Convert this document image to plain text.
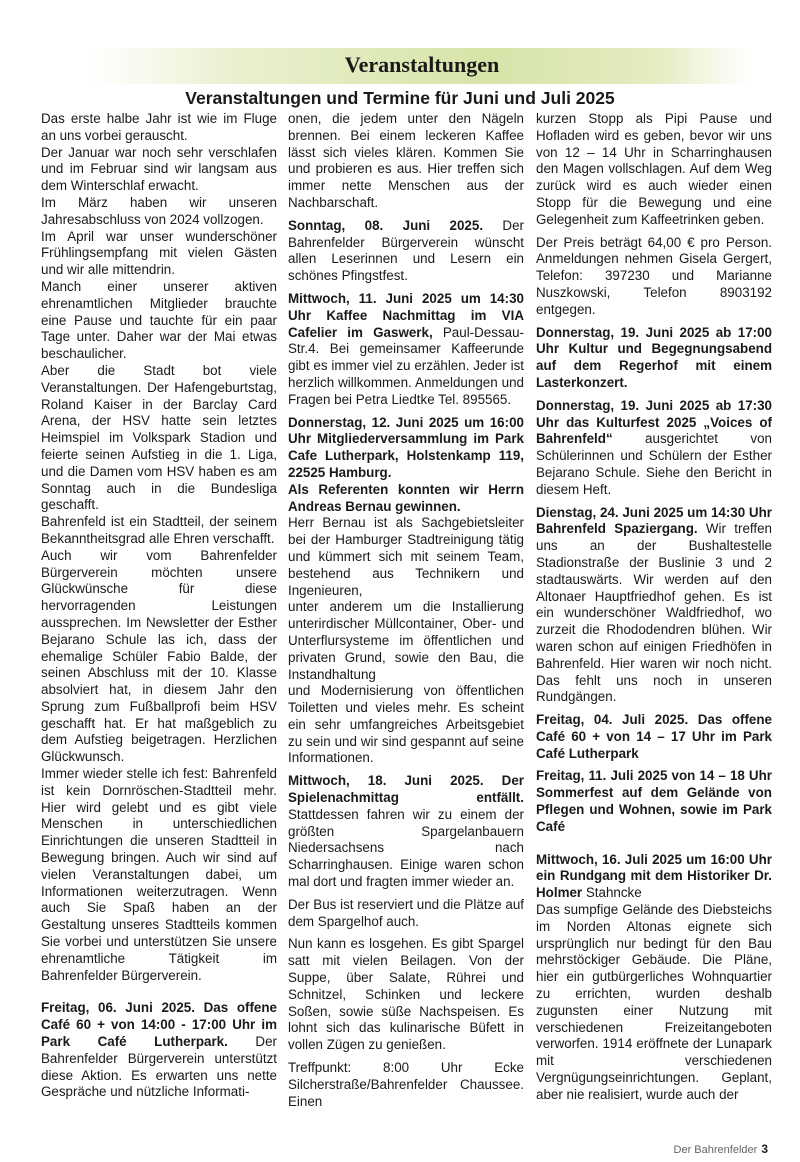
Veranstaltungen
Veranstaltungen und Termine für Juni und Juli 2025

Das erste halbe Jahr ist wie im Fluge an uns vorbei gerauscht.

Der Januar war noch sehr verschlafen und im Februar sind wir langsam aus dem Winterschlaf erwacht.

Im März haben wir unseren Jahresabschluss von 2024 vollzogen.

Im April war unser wunderschöner Frühlingsempfang mit vielen Gästen und wir alle mittendrin.

Manch einer unserer aktiven ehrenamtlichen Mitglieder brauchte eine Pause und tauchte für ein paar Tage unter. Daher war der Mai etwas beschaulicher.

Aber die Stadt bot viele Veranstaltungen. Der Hafengeburtstag, Roland Kaiser in der Barclay Card Arena, der HSV hatte sein letztes Heimspiel im Volkspark Stadion und feierte seinen Aufstieg in die 1. Liga, und die Damen vom HSV haben es am Sonntag auch in die Bundesliga geschafft.

Bahrenfeld ist ein Stadtteil, der seinem Bekanntheitsgrad alle Ehren verschafft.

Auch wir vom Bahrenfelder Bürgerverein möchten unsere Glückwünsche für diese hervorragenden Leistungen aussprechen. Im Newsletter der Esther Bejarano Schule las ich, dass der ehemalige Schüler Fabio Balde, der seinen Abschluss mit der 10. Klasse absolviert hat, in diesem Jahr den Sprung zum Fußballprofi beim HSV geschafft hat. Er hat maßgeblich zu dem Aufstieg beigetragen. Herzlichen Glückwunsch.

Immer wieder stelle ich fest: Bahrenfeld ist kein Dornröschen-Stadtteil mehr. Hier wird gelebt und es gibt viele Menschen in unterschiedlichen Einrichtungen die unseren Stadtteil in Bewegung bringen. Auch wir sind auf vielen Veranstaltungen dabei, um Informationen weiterzutragen. Wenn auch Sie Spaß haben an der Gestaltung unseres Stadtteils kommen Sie vorbei und unterstützen Sie unsere ehrenamtliche Tätigkeit im Bahrenfelder Bürgerverein.

Freitag, 06. Juni 2025. Das offene Café 60 + von 14:00 - 17:00 Uhr im Park Café Lutherpark. Der Bahrenfelder Bürgerverein unterstützt diese Aktion. Es erwarten uns nette Gespräche und nützliche Informati-

onen, die jedem unter den Nägeln brennen. Bei einem leckeren Kaffee lässt sich vieles klären. Kommen Sie und probieren es aus. Hier treffen sich immer nette Menschen aus der Nachbarschaft.

Sonntag, 08. Juni 2025. Der Bahrenfelder Bürgerverein wünscht allen Leserinnen und Lesern ein schönes Pfingstfest.

Mittwoch, 11. Juni 2025 um 14:30 Uhr Kaffee Nachmittag im VIA Cafelier im Gaswerk, Paul-Dessau-Str.4. Bei gemeinsamer Kaffeerunde gibt es immer viel zu erzählen. Jeder ist herzlich willkommen. Anmeldungen und Fragen bei Petra Liedtke Tel. 895565.

Donnerstag, 12. Juni 2025 um 16:00 Uhr Mitgliederversammlung im Park Cafe Lutherpark, Holstenkamp 119, 22525 Hamburg.

Als Referenten konnten wir Herrn Andreas Bernau gewinnen.

Herr Bernau ist als Sachgebietsleiter bei der Hamburger Stadtreinigung tätig und kümmert sich mit seinem Team, bestehend aus Technikern und Ingenieuren,

unter anderem um die Installierung unterirdischer Müllcontainer, Ober- und Unterflursysteme im öffentlichen und privaten Grund, sowie den Bau, die Instandhaltung

und Modernisierung von öffentlichen Toiletten und vieles mehr. Es scheint ein sehr umfangreiches Arbeitsgebiet zu sein und wir sind gespannt auf seine Informationen.

Mittwoch, 18. Juni 2025. Der Spielenachmittag entfällt. Stattdessen fahren wir zu einem der größten Spargelanbauern Niedersachsens nach Scharringhausen. Einige waren schon mal dort und fragten immer wieder an.

Der Bus ist reserviert und die Plätze auf dem Spargelhof auch.

Nun kann es losgehen. Es gibt Spargel satt mit vielen Beilagen. Von der Suppe, über Salate, Rührei und Schnitzel, Schinken und leckere Soßen, sowie süße Nachspeisen. Es lohnt sich das kulinarische Büfett in vollen Zügen zu genießen.

Treffpunkt: 8:00 Uhr Ecke Silcherstraße/Bahrenfelder Chaussee. Einen

kurzen Stopp als Pipi Pause und Hofladen wird es geben, bevor wir uns von 12 – 14 Uhr in Scharringhausen den Magen vollschlagen. Auf dem Weg zurück wird es auch wieder einen Stopp für die Bewegung und eine Gelegenheit zum Kaffeetrinken geben.

Der Preis beträgt 64,00 € pro Person. Anmeldungen nehmen Gisela Gergert, Telefon: 397230 und Marianne Nuszkowski, Telefon 8903192 entgegen.

Donnerstag, 19. Juni 2025 ab 17:00 Uhr Kultur und Begegnungsabend auf dem Regerhof mit einem Lasterkonzert.

Donnerstag, 19. Juni 2025 ab 17:30 Uhr das Kulturfest 2025 „Voices of Bahrenfeld“ ausgerichtet von Schülerinnen und Schülern der Esther Bejarano Schule. Siehe den Bericht in diesem Heft.

Dienstag, 24. Juni 2025 um 14:30 Uhr Bahrenfeld Spaziergang. Wir treffen uns an der Bushaltestelle Stadionstraße der Buslinie 3 und 2 stadtauswärts. Wir werden auf den Altonaer Hauptfriedhof gehen. Es ist ein wunderschöner Waldfriedhof, wo zurzeit die Rhododendren blühen. Wir waren schon auf einigen Friedhöfen in Bahrenfeld. Hier waren wir noch nicht. Das fehlt uns noch in unseren Rundgängen.

Freitag, 04. Juli 2025. Das offene Café 60 + von 14 – 17 Uhr im Park Café Lutherpark

Freitag, 11. Juli 2025 von 14 – 18 Uhr Sommerfest auf dem Gelände von Pflegen und Wohnen, sowie im Park Café

Mittwoch, 16. Juli 2025 um 16:00 Uhr ein Rundgang mit dem Historiker Dr. Holmer Stahncke

Das sumpfige Gelände des Diebsteichs im Norden Altonas eignete sich ursprünglich nur bedingt für den Bau mehrstöckiger Gebäude. Die Pläne, hier ein gutbürgerliches Wohnquartier zu errichten, wurden deshalb zugunsten einer Nutzung mit verschiedenen Freizeitangeboten verworfen. 1914 eröffnete der Lunapark mit verschiedenen Vergnügungseinrichtungen. Geplant, aber nie realisiert, wurde auch der

Der Bahrenfelder 3
